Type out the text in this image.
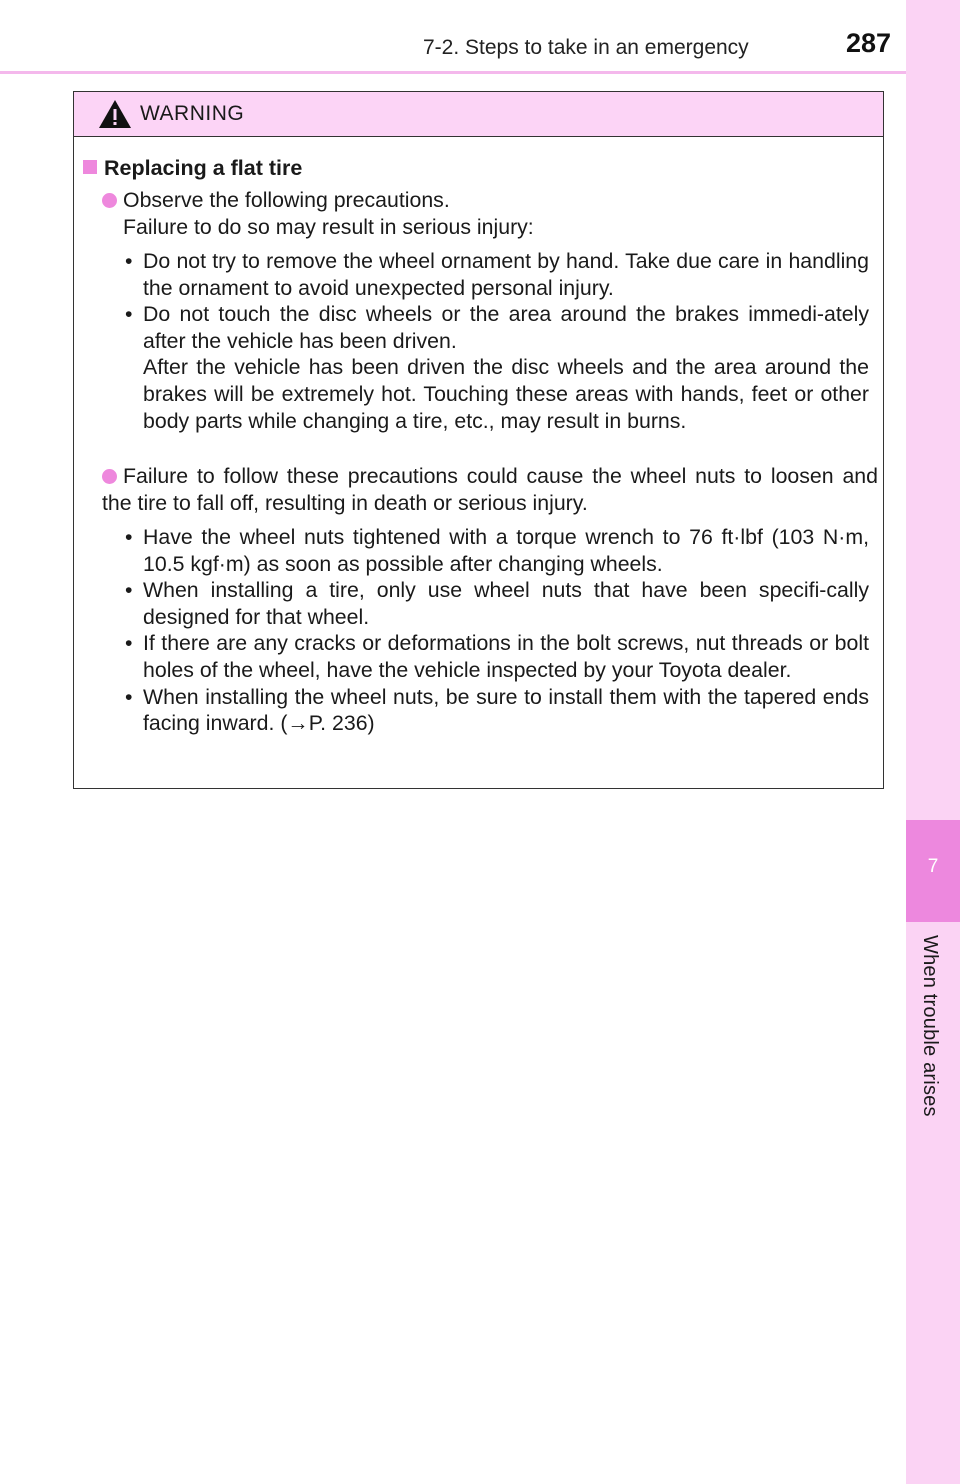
7-2. Steps to take in an emergency	287
7
When trouble arises
WARNING
Replacing a flat tire

Observe the following precautions.

Failure to do so may result in serious injury:

• Do not try to remove the wheel ornament by hand. Take due care in handling the ornament to avoid unexpected personal injury.

• Do not touch the disc wheels or the area around the brakes immedi-ately after the vehicle has been driven.

After the vehicle has been driven the disc wheels and the area around the brakes will be extremely hot. Touching these areas with hands, feet or other body parts while changing a tire, etc., may result in burns.

Failure to follow these precautions could cause the wheel nuts to loosen and the tire to fall off, resulting in death or serious injury.

• Have the wheel nuts tightened with a torque wrench to 76 ft·lbf (103 N·m, 10.5 kgf·m) as soon as possible after changing wheels.

• When installing a tire, only use wheel nuts that have been specifi-cally designed for that wheel.

• If there are any cracks or deformations in the bolt screws, nut threads or bolt holes of the wheel, have the vehicle inspected by your Toyota dealer.

• When installing the wheel nuts, be sure to install them with the tapered ends facing inward. (→P. 236)
